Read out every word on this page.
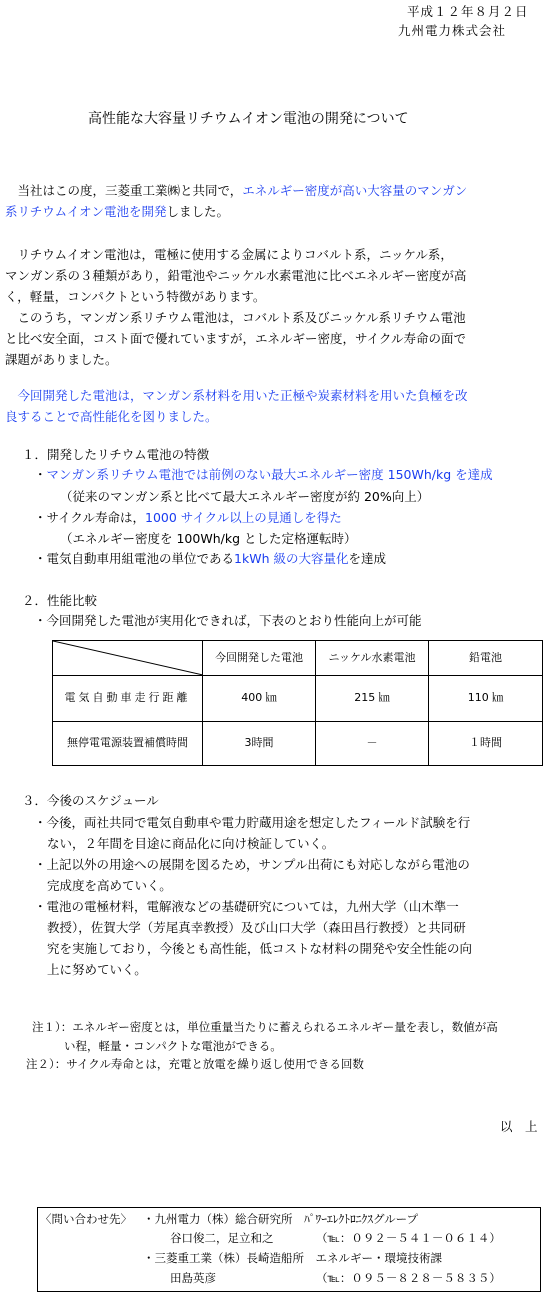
平成１２年８月２日
九州電力株式会社
高性能な大容量リチウムイオン電池の開発について
　当社はこの度，三菱重工業㈱と共同で，エネルギー密度が高い大容量のマンガン
系リチウムイオン電池を開発しました。
　リチウムイオン電池は，電極に使用する金属によりコバルト系，ニッケル系，
マンガン系の３種類があり，鉛電池やニッケル水素電池に比べエネルギー密度が高
く，軽量，コンパクトという特徴があります。
　このうち，マンガン系リチウム電池は，コバルト系及びニッケル系リチウム電池
と比べ安全面，コスト面で優れていますが，エネルギー密度，サイクル寿命の面で
課題がありました。
　今回開発した電池は，マンガン系材料を用いた正極や炭素材料を用いた負極を改
良することで高性能化を図りました。
１．開発したリチウム電池の特徴
・マンガン系リチウム電池では前例のない最大エネルギー密度 150Wh/kg を達成
（従来のマンガン系と比べて最大エネルギー密度が約 20%向上）
・サイクル寿命は，1000 サイクル以上の見通しを得た
（エネルギー密度を 100Wh/kg とした定格運転時）
・電気自動車用組電池の単位である1kWh 級の大容量化を達成
２．性能比較
・今回開発した電池が実用化できれば，下表のとおり性能向上が可能
	今回開発した電池	ニッケル水素電池	鉛電池
電気自動車走行距離	400 ㎞	215 ㎞	110 ㎞
無停電電源装置補償時間	3時間	－	１時間
３．今後のスケジュール
・今後，両社共同で電気自動車や電力貯蔵用途を想定したフィールド試験を行
ない，２年間を目途に商品化に向け検証していく。
・上記以外の用途への展開を図るため，サンプル出荷にも対応しながら電池の
完成度を高めていく。
・電池の電極材料，電解液などの基礎研究については，九州大学（山木準一
教授），佐賀大学（芳尾真幸教授）及び山口大学（森田昌行教授）と共同研
究を実施しており，今後とも高性能，低コストな材料の開発や安全性能の向
上に努めていく。
注１）：エネルギー密度とは，単位重量当たりに蓄えられるエネルギー量を表し，数値が高
い程，軽量・コンパクトな電池ができる。
注２）：サイクル寿命とは，充電と放電を繰り返し使用できる回数
以　上
〈問い合わせ先〉 ・九州電力（株）総合研究所　ﾊﾟﾜｰｴﾚｸﾄﾛﾆｸｽグループ
谷口俊二，足立和之	（℡：０９２－５４１－０６１４）
・三菱重工業（株）長崎造船所　エネルギー・環境技術課
田島英彦	（℡：０９５－８２８－５８３５）
